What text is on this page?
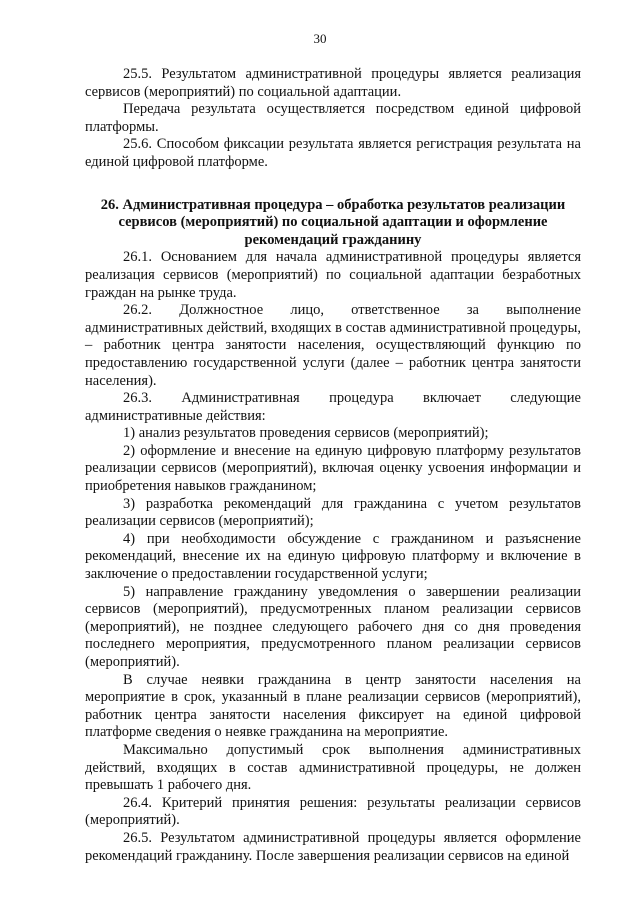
30

25.5. Результатом административной процедуры является реализация сервисов (мероприятий) по социальной адаптации.

Передача результата осуществляется посредством единой цифровой платформы.

25.6. Способом фиксации результата является регистрация результата на единой цифровой платформе.

26. Административная процедура – обработка результатов реализации сервисов (мероприятий) по социальной адаптации и оформление рекомендаций гражданину

26.1. Основанием для начала административной процедуры является реализация сервисов (мероприятий) по социальной адаптации безработных граждан на рынке труда.

26.2. Должностное лицо, ответственное за выполнение административных действий, входящих в состав административной процедуры, – работник центра занятости населения, осуществляющий функцию по предоставлению государственной услуги (далее – работник центра занятости населения).

26.3. Административная процедура включает следующие административные действия:

1) анализ результатов проведения сервисов (мероприятий);

2) оформление и внесение на единую цифровую платформу результатов реализации сервисов (мероприятий), включая оценку усвоения информации и приобретения навыков гражданином;

3) разработка рекомендаций для гражданина с учетом результатов реализации сервисов (мероприятий);

4) при необходимости обсуждение с гражданином и разъяснение рекомендаций, внесение их на единую цифровую платформу и включение в заключение о предоставлении государственной услуги;

5) направление гражданину уведомления о завершении реализации сервисов (мероприятий), предусмотренных планом реализации сервисов (мероприятий), не позднее следующего рабочего дня со дня проведения последнего мероприятия, предусмотренного планом реализации сервисов (мероприятий).

В случае неявки гражданина в центр занятости населения на мероприятие в срок, указанный в плане реализации сервисов (мероприятий), работник центра занятости населения фиксирует на единой цифровой платформе сведения о неявке гражданина на мероприятие.

Максимально допустимый срок выполнения административных действий, входящих в состав административной процедуры, не должен превышать 1 рабочего дня.

26.4. Критерий принятия решения: результаты реализации сервисов (мероприятий).

26.5. Результатом административной процедуры является оформление рекомендаций гражданину. После завершения реализации сервисов на единой
